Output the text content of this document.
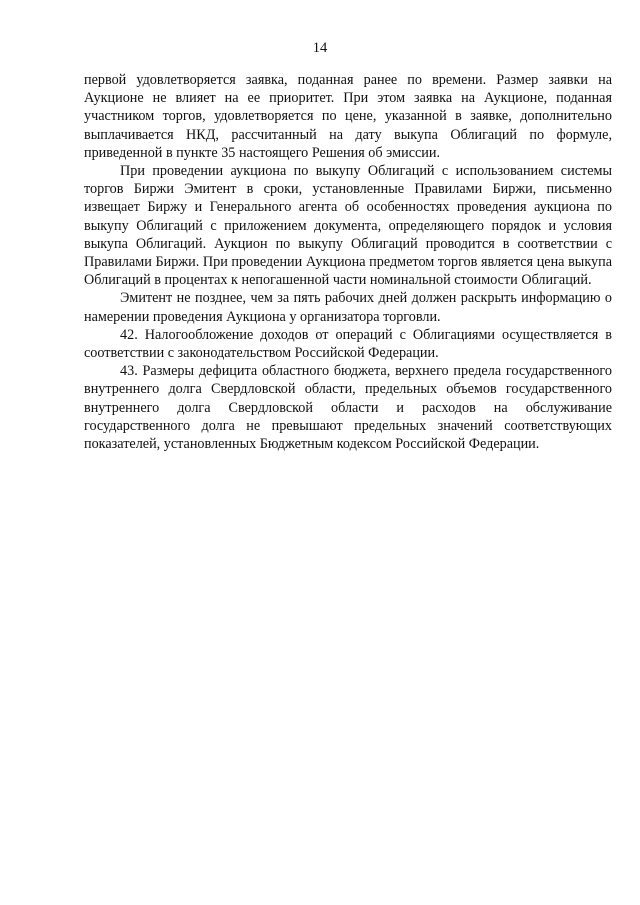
14

первой удовлетворяется заявка, поданная ранее по времени. Размер заявки на Аукционе не влияет на ее приоритет. При этом заявка на Аукционе, поданная участником торгов, удовлетворяется по цене, указанной в заявке, дополнительно выплачивается НКД, рассчитанный на дату выкупа Облигаций по формуле, приведенной в пункте 35 настоящего Решения об эмиссии.

При проведении аукциона по выкупу Облигаций с использованием системы торгов Биржи Эмитент в сроки, установленные Правилами Биржи, письменно извещает Биржу и Генерального агента об особенностях проведения аукциона по выкупу Облигаций с приложением документа, определяющего порядок и условия выкупа Облигаций. Аукцион по выкупу Облигаций проводится в соответствии с Правилами Биржи. При проведении Аукциона предметом торгов является цена выкупа Облигаций в процентах к непогашенной части номинальной стоимости Облигаций.

Эмитент не позднее, чем за пять рабочих дней должен раскрыть информацию о намерении проведения Аукциона у организатора торговли.

42. Налогообложение доходов от операций с Облигациями осуществляется в соответствии с законодательством Российской Федерации.

43. Размеры дефицита областного бюджета, верхнего предела государственного внутреннего долга Свердловской области, предельных объемов государственного внутреннего долга Свердловской области и расходов на обслуживание государственного долга не превышают предельных значений соответствующих показателей, установленных Бюджетным кодексом Российской Федерации.
